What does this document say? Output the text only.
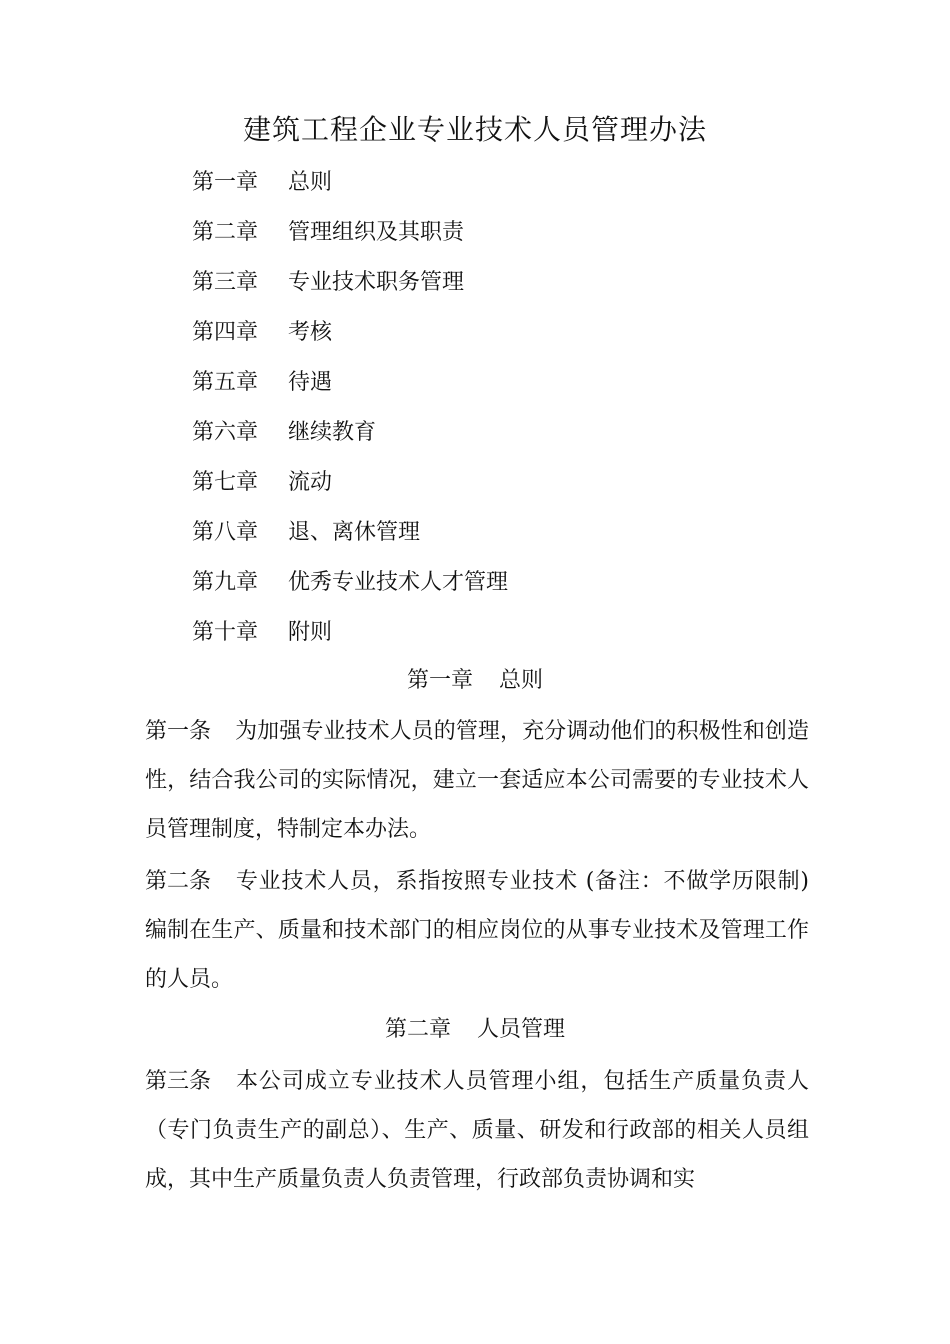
建筑工程企业专业技术人员管理办法
第一章 总则
第二章 管理组织及其职责
第三章 专业技术职务管理
第四章 考核
第五章 待遇
第六章 继续教育
第七章 流动
第八章 退、离休管理
第九章 优秀专业技术人才管理
第十章 附则
第一章 总则

第一条 为加强专业技术人员的管理，充分调动他们的积极性和创造性，结合我公司的实际情况，建立一套适应本公司需要的专业技术人员管理制度，特制定本办法。

第二条 专业技术人员，系指按照专业技术 (备注：不做学历限制)编制在生产、质量和技术部门的相应岗位的从事专业技术及管理工作的人员。

第二章 人员管理

第三条 本公司成立专业技术人员管理小组，包括生产质量负责人（专门负责生产的副总）、生产、质量、研发和行政部的相关人员组成，其中生产质量负责人负责管理，行政部负责协调和实
